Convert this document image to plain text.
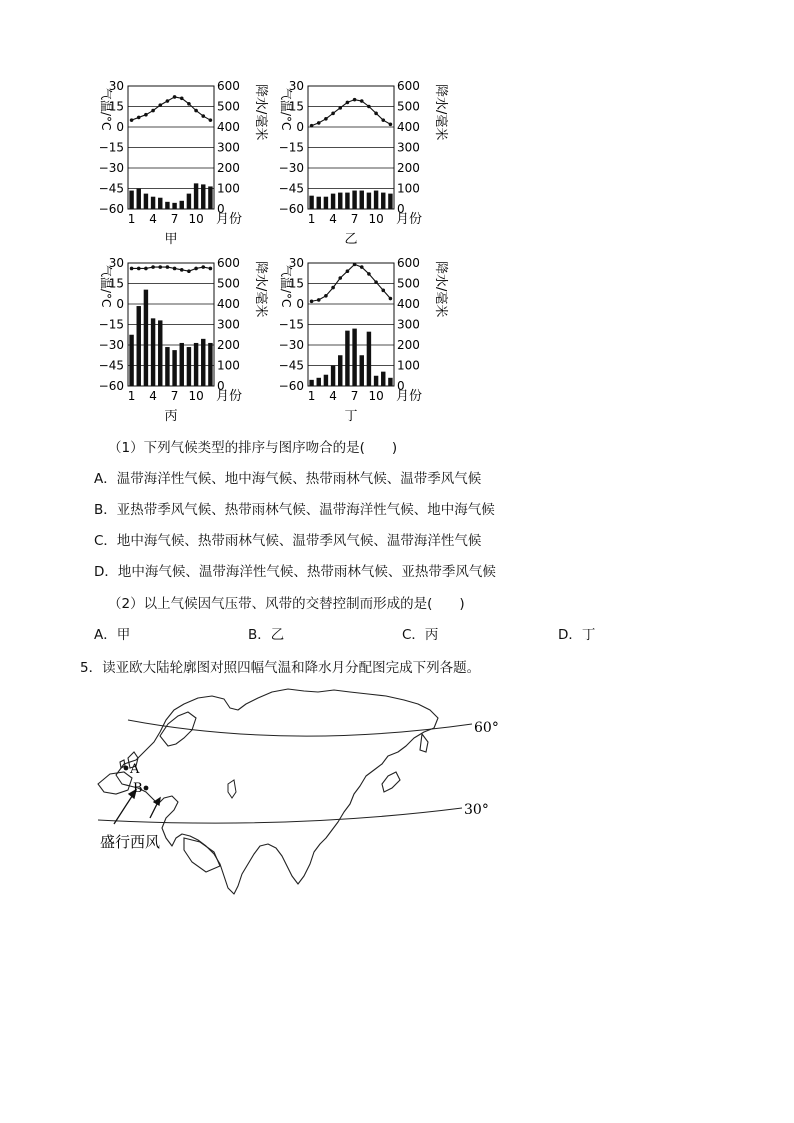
30
15
0
−15
−30
−45
−60
600
500
400
300
200
100
0
气温/°C	降水/毫米
1 4 7 10 月份
甲
30
15
0
−15
−30
−45
−60
600
500
400
300
200
100
0
气温/°C	降水/毫米
1 4 7 10 月份
乙
30
15
0
−15
−30
−45
−60
600
500
400
300
200
100
0
气温/°C	降水/毫米
1 4 7 10 月份
丙
30
15
0
−15
−30
−45
−60
600
500
400
300
200
100
0
气温/°C	降水/毫米
1 4 7 10 月份
丁
（1）下列气候类型的排序与图序吻合的是(　　)
A．温带海洋性气候、地中海气候、热带雨林气候、温带季风气候
B．亚热带季风气候、热带雨林气候、温带海洋性气候、地中海气候
C．地中海气候、热带雨林气候、温带季风气候、温带海洋性气候
D．地中海气候、温带海洋性气候、热带雨林气候、亚热带季风气候
（2）以上气候因气压带、风带的交替控制而形成的是(　　)
A．甲	B．乙	C．丙	D．丁
5．读亚欧大陆轮廓图对照四幅气温和降水月分配图完成下列各题。
A
B
60°
30°
盛行西风
